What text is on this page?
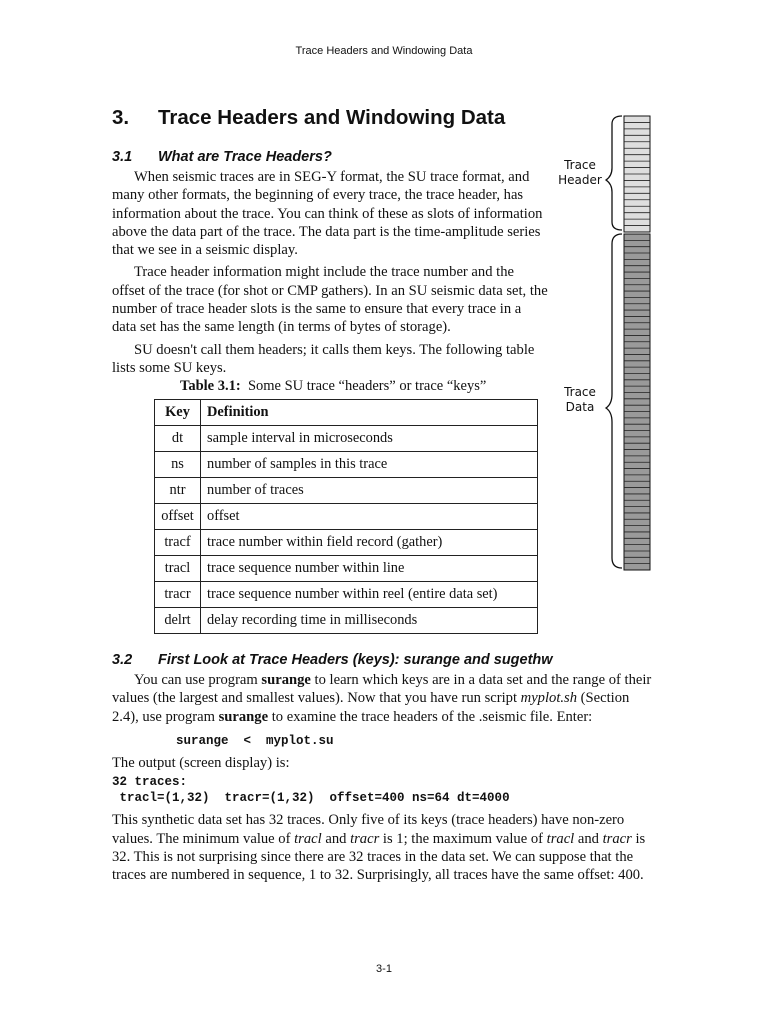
Trace Headers and Windowing Data
3. Trace Headers and Windowing Data
3.1 What are Trace Headers?

When seismic traces are in SEG-Y format, the SU trace format, and many other formats, the beginning of every trace, the trace header, has information about the trace. You can think of these as slots of information above the data part of the trace. The data part is the time-amplitude series that we see in a seismic display.

Trace header information might include the trace number and the offset of the trace (for shot or CMP gathers). In an SU seismic data set, the number of trace header slots is the same to ensure that every trace in a data set has the same length (in terms of bytes of storage).

SU doesn't call them headers; it calls them keys. The following table lists some SU keys.

Table 3.1: Some SU trace “headers” or trace “keys”
Key	Definition
dt	sample interval in microseconds
ns	number of samples in this trace
ntr	number of traces
offset	offset
tracf	trace number within field record (gather)
tracl	trace sequence number within line
tracr	trace sequence number within reel (entire data set)
delrt	delay recording time in milliseconds
Trace
Header
Trace
Data
3.2 First Look at Trace Headers (keys): surange and sugethw

You can use program surange to learn which keys are in a data set and the range of their values (the largest and smallest values). Now that you have run script myplot.sh (Section 2.4), use program surange to examine the trace headers of the .seismic file. Enter:

surange  <  myplot.su
The output (screen display) is:
32 traces:
tracl=(1,32)  tracr=(1,32)  offset=400 ns=64 dt=4000
This synthetic data set has 32 traces. Only five of its keys (trace headers) have non-zero values. The minimum value of tracl and tracr is 1; the maximum value of tracl and tracr is 32. This is not surprising since there are 32 traces in the data set. We can suppose that the traces are numbered in sequence, 1 to 32. Surprisingly, all traces have the same offset: 400.
3-1
